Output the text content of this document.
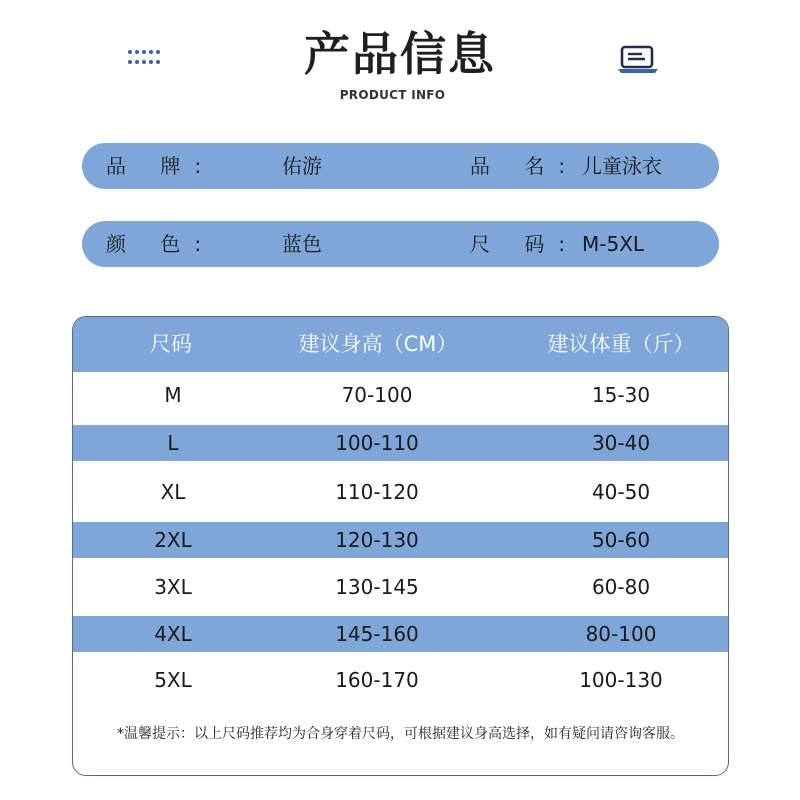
产品信息
PRODUCT INFO
品 牌:	佑游	品 名: 儿童泳衣
颜 色:	蓝色	尺 码: M-5XL
尺码	建议身高（CM）	建议体重（斤）
M	70-100	15-30
L	100-110	30-40
XL	110-120	40-50
2XL	120-130	50-60
3XL	130-145	60-80
4XL	145-160	80-100
5XL	160-170	100-130
*温馨提示：以上尺码推荐均为合身穿着尺码，可根据建议身高选择，如有疑问请咨询客服。
